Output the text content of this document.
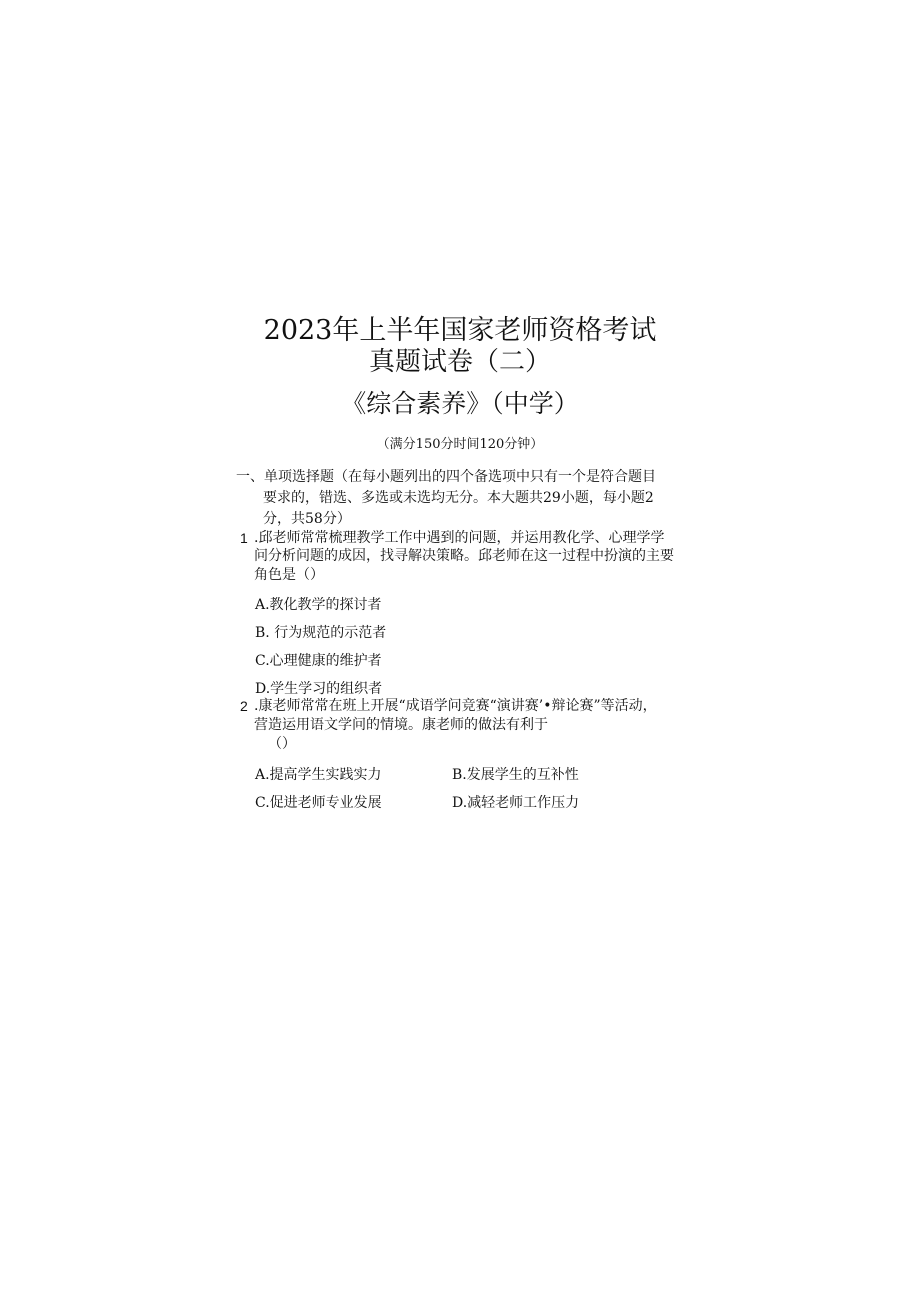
2023年上半年国家老师资格考试
真题试卷（二）
《综合素养》（中学）
（满分150分时间120分钟）
一、单项选择题（在每小题列出的四个备选项中只有一个是符合题目
要求的，错选、多选或未选均无分。本大题共29小题，每小题2
分，共58分）
1 .邱老师常常梳理教学工作中遇到的问题，并运用教化学、心理学学
问分析问题的成因，找寻解决策略。邱老师在这一过程中扮演的主要
角色是（）
A.教化教学的探讨者
B. 行为规范的示范者
C.心理健康的维护者
D.学生学习的组织者
2 .康老师常常在班上开展“成语学问竞赛“演讲赛’•辩论赛”等活动，
营造运用语文学问的情境。康老师的做法有利于
（）
A.提高学生实践实力	B.发展学生的互补性
C.促进老师专业发展	D.减轻老师工作压力
